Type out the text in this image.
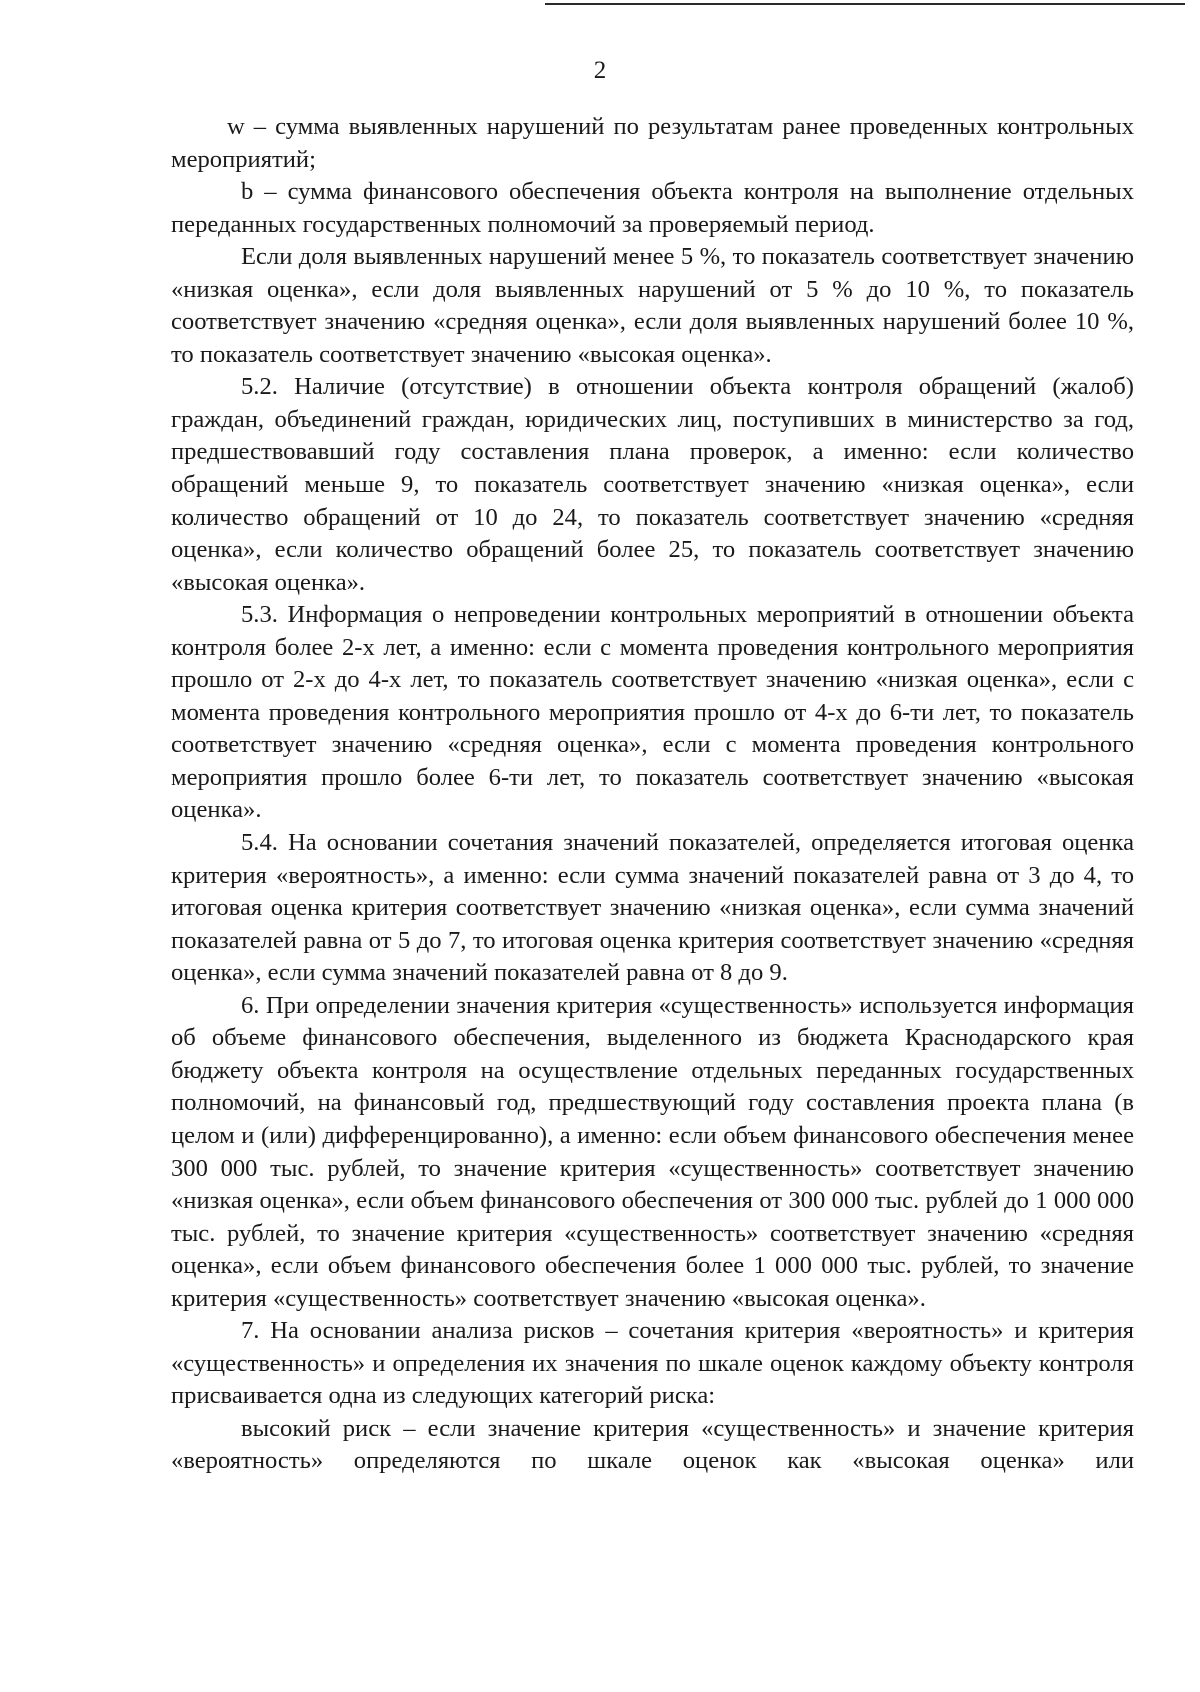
2

w – сумма выявленных нарушений по результатам ранее проведенных контрольных мероприятий;

b – сумма финансового обеспечения объекта контроля на выполнение отдельных переданных государственных полномочий за проверяемый период.

Если доля выявленных нарушений менее 5 %, то показатель соответствует значению «низкая оценка», если доля выявленных нарушений от 5 % до 10 %, то показатель соответствует значению «средняя оценка», если доля выявленных нарушений более 10 %, то показатель соответствует значению «высокая оценка».

5.2. Наличие (отсутствие) в отношении объекта контроля обращений (жалоб) граждан, объединений граждан, юридических лиц, поступивших в министерство за год, предшествовавший году составления плана проверок, а именно: если количество обращений меньше 9, то показатель соответствует значению «низкая оценка», если количество обращений от 10 до 24, то показатель соответствует значению «средняя оценка», если количество обращений более 25, то показатель соответствует значению «высокая оценка».

5.3. Информация о непроведении контрольных мероприятий в отношении объекта контроля более 2-х лет, а именно: если с момента проведения контрольного мероприятия прошло от 2-х до 4-х лет, то показатель соответствует значению «низкая оценка», если с момента проведения контрольного мероприятия прошло от 4-х до 6-ти лет, то показатель соответствует значению «средняя оценка», если с момента проведения контрольного мероприятия прошло более 6-ти лет, то показатель соответствует значению «высокая оценка».

5.4. На основании сочетания значений показателей, определяется итоговая оценка критерия «вероятность», а именно: если сумма значений показателей равна от 3 до 4, то итоговая оценка критерия соответствует значению «низкая оценка», если сумма значений показателей равна от 5 до 7, то итоговая оценка критерия соответствует значению «средняя оценка», если сумма значений показателей равна от 8 до 9.

6. При определении значения критерия «существенность» используется информация об объеме финансового обеспечения, выделенного из бюджета Краснодарского края бюджету объекта контроля на осуществление отдельных переданных государственных полномочий, на финансовый год, предшествующий году составления проекта плана (в целом и (или) дифференцированно), а именно: если объем финансового обеспечения менее 300 000 тыс. рублей, то значение критерия «существенность» соответствует значению «низкая оценка», если объем финансового обеспечения от 300 000 тыс. рублей до 1 000 000 тыс. рублей, то значение критерия «существенность» соответствует значению «средняя оценка», если объем финансового обеспечения более 1 000 000 тыс. рублей, то значение критерия «существенность» соответствует значению «высокая оценка».

7. На основании анализа рисков – сочетания критерия «вероятность» и критерия «существенность» и определения их значения по шкале оценок каждому объекту контроля присваивается одна из следующих категорий риска:

высокий риск – если значение критерия «существенность» и значение критерия «вероятность» определяются по шкале оценок как «высокая оценка» или
